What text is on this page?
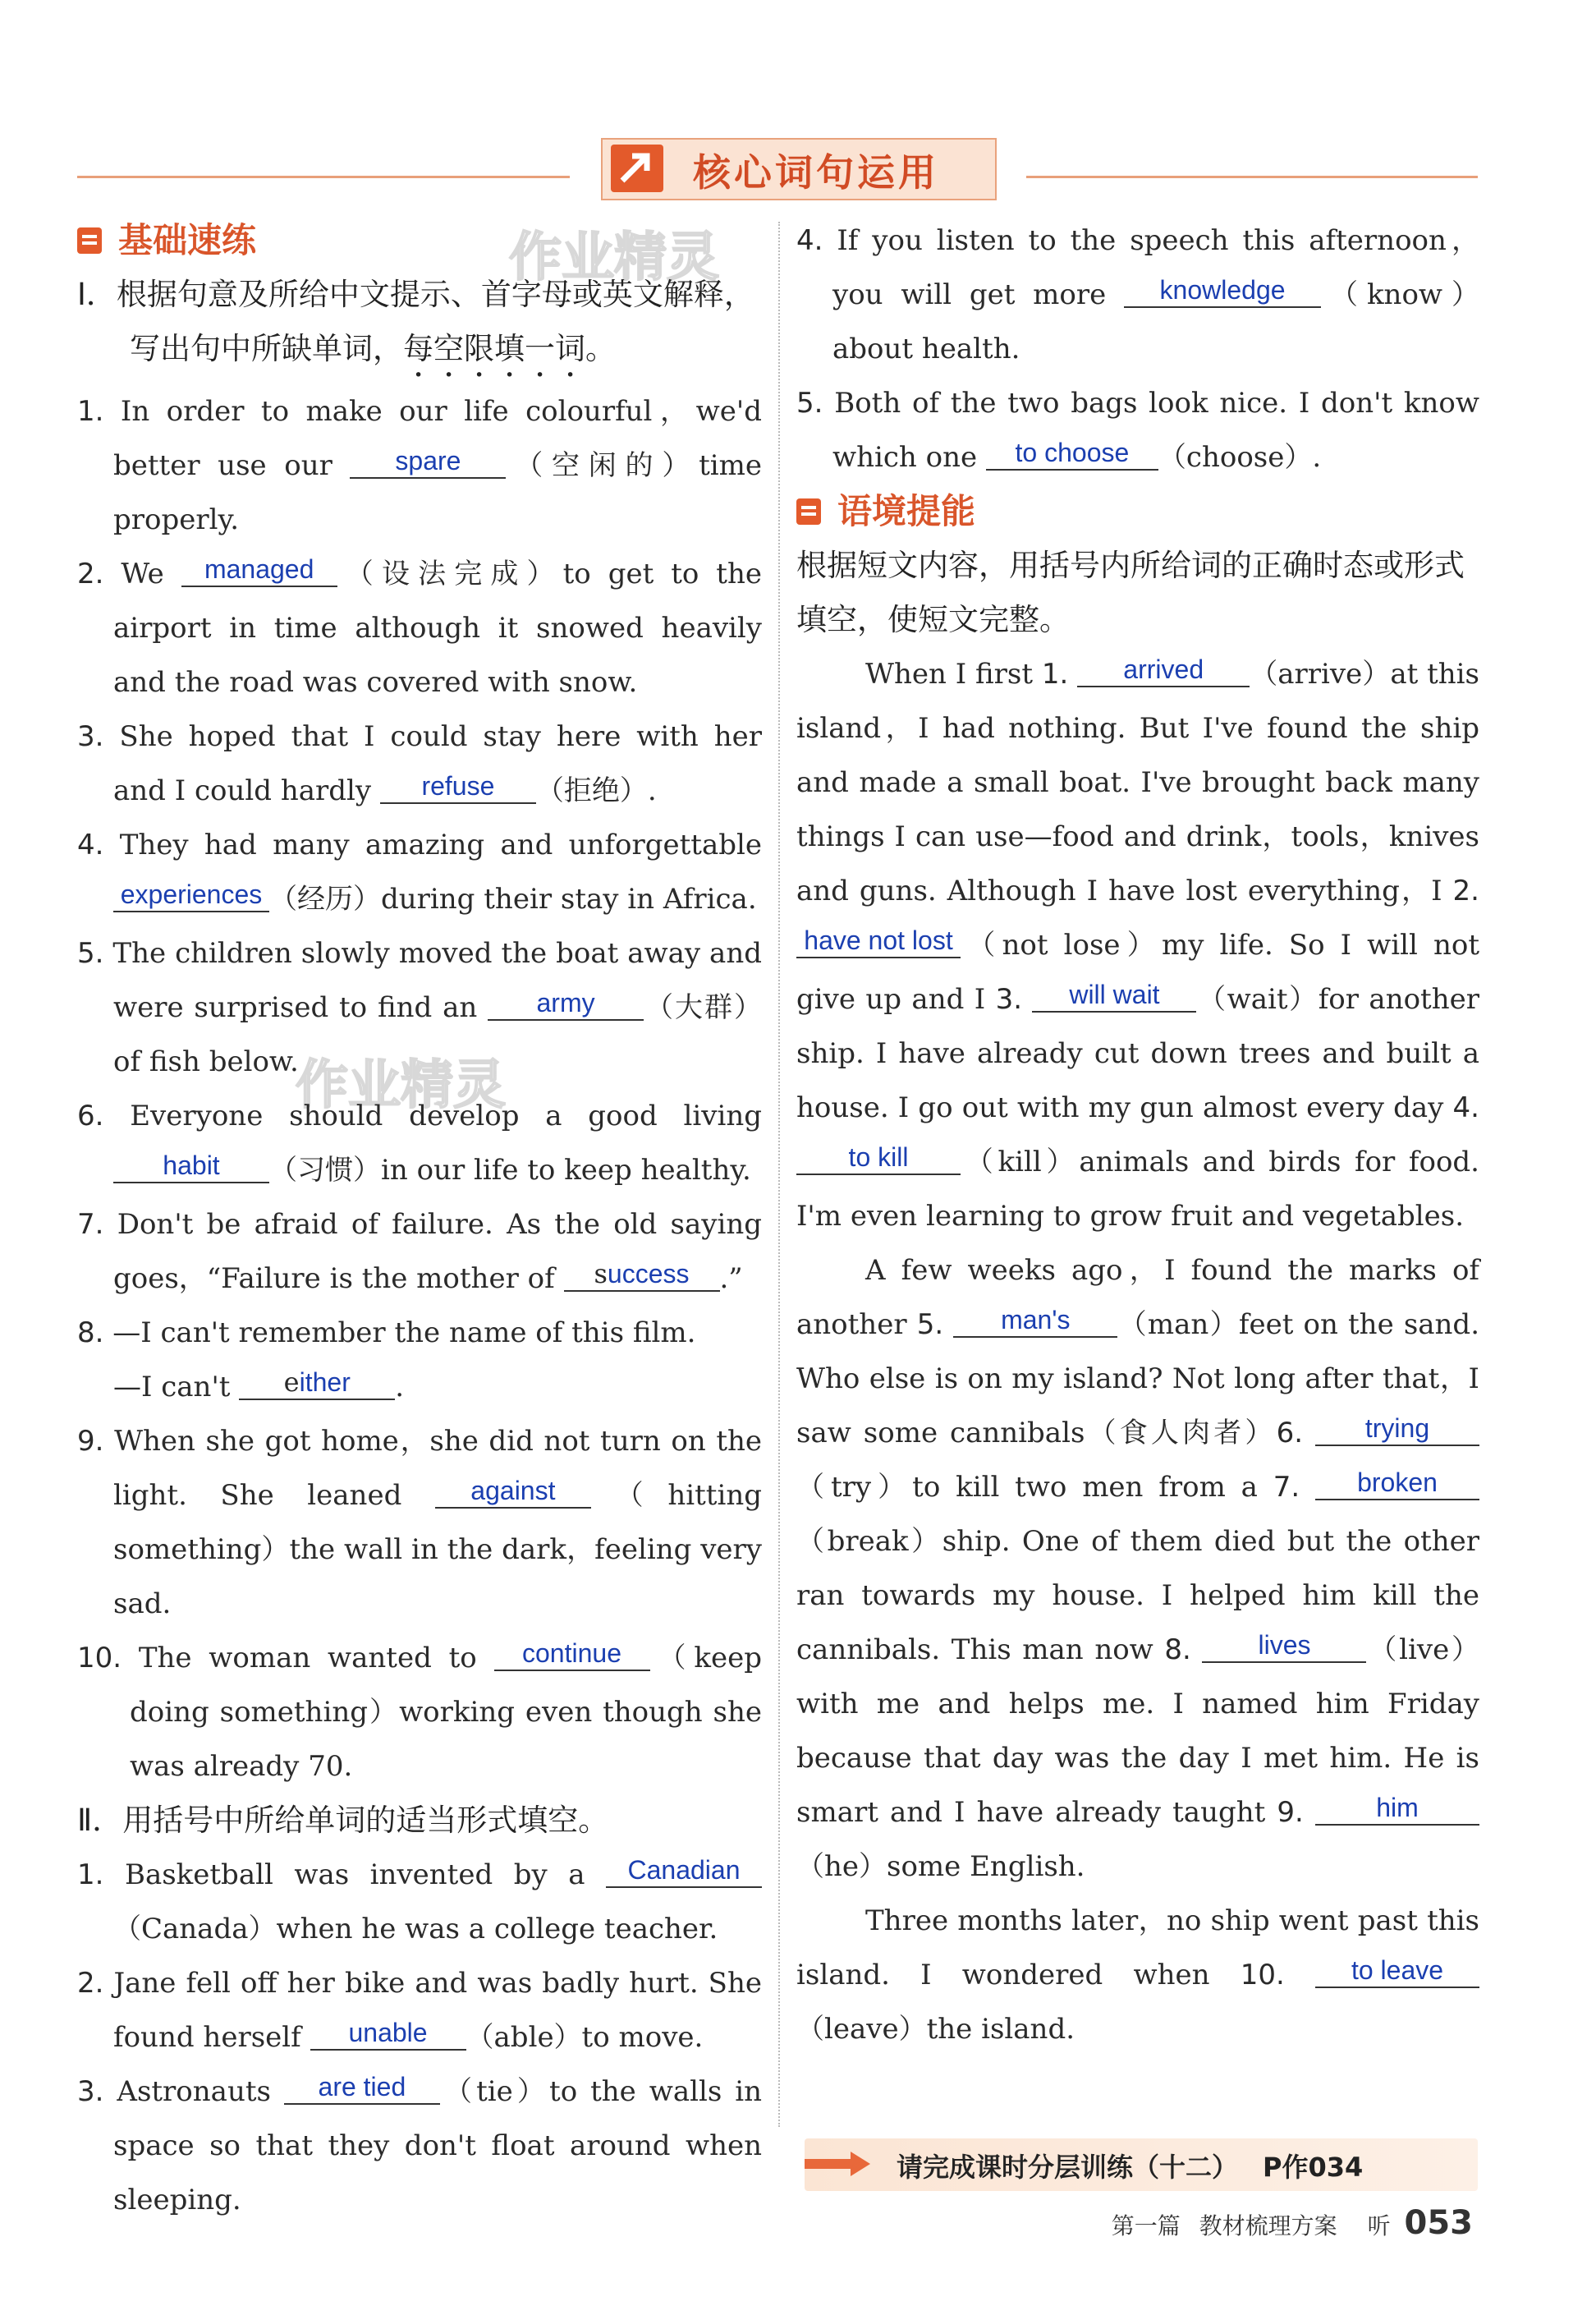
核心词句运用
作业精灵
作业精灵
基础速练
Ⅰ．根据句意及所给中文提示、首字母或英文解释，写出句中所缺单词，每空限填一词。
1. In order to make our life colourful，we'd better use our spare （空闲的）time properly.
2. We managed （设法完成）to get to the airport in time although it snowed heavily and the road was covered with snow.
3. She hoped that I could stay here with her and I could hardly refuse （拒绝）.
4. They had many amazing and unforgettable experiences （经历）during their stay in Africa.
5. The children slowly moved the boat away and were surprised to find an army （大群）of fish below.
6. Everyone should develop a good living habit （习惯）in our life to keep healthy.
7. Don't be afraid of failure. As the old saying goes，“Failure is the mother of success .”
8. —I can't remember the name of this film.
—I can't either .
9. When she got home，she did not turn on the light. She leaned against （hitting something）the wall in the dark，feeling very sad.
10. The woman wanted to continue （keep doing something）working even though she was already 70.
Ⅱ．用括号中所给单词的适当形式填空。
1. Basketball was invented by a Canadian（Canada）when he was a college teacher.
2. Jane fell off her bike and was badly hurt. She found herself unable （able）to move.
3. Astronauts are tied （tie）to the walls in space so that they don't float around when sleeping.
4. If you listen to the speech this afternoon，you will get more knowledge （know）about health.
5. Both of the two bags look nice. I don't know which one to choose （choose）.
语境提能
根据短文内容，用括号内所给词的正确时态或形式填空，使短文完整。
When I first 1. arrived （arrive）at this island，I had nothing. But I've found the ship and made a small boat. I've brought back many things I can use—food and drink，tools，knives and guns. Although I have lost everything，I 2. have not lost （not lose）my life. So I will not give up and I 3. will wait （wait）for another ship. I have already cut down trees and built a house. I go out with my gun almost every day 4. to kill （kill）animals and birds for food. I'm even learning to grow fruit and vegetables.
A few weeks ago，I found the marks of another 5. man's （man）feet on the sand. Who else is on my island? Not long after that，I saw some cannibals（食人肉者）6. trying（try）to kill two men from a 7. broken（break）ship. One of them died but the other ran towards my house. I helped him kill the cannibals. This man now 8.	lives （live）with me and helps me. I named him Friday because that day was the day I met him. He is smart and I have already taught 9.	him（he）some English.
Three months later，no ship went past this island. I wondered when 10.	to leave（leave）the island.
请完成课时分层训练（十二） P作034
第一篇 教材梳理方案 听 053
